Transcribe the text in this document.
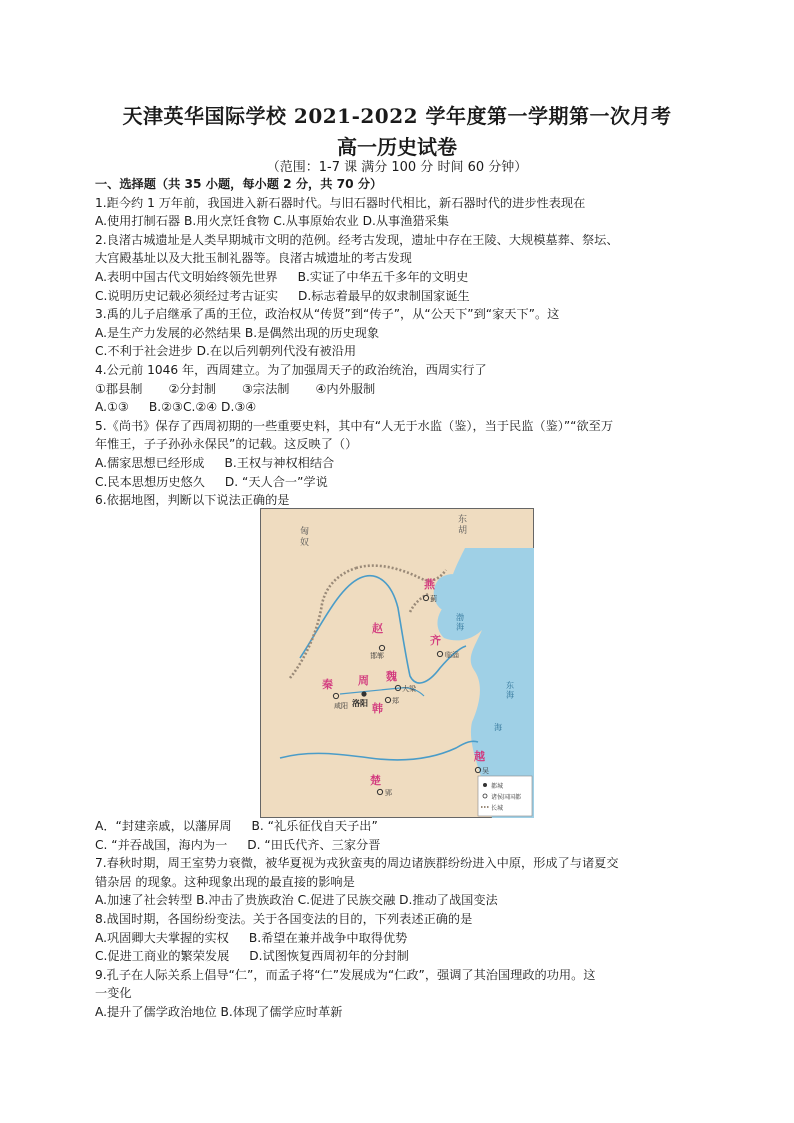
天津英华国际学校 2021-2022 学年度第一学期第一次月考
高一历史试卷
（范围：1-7 课 满分 100 分 时间 60 分钟）
一、选择题（共 35 小题，每小题 2 分，共 70 分）
1.距今约 1 万年前，我国进入新石器时代。与旧石器时代相比，新石器时代的进步性表现在
A.使用打制石器 B.用火烹饪食物 C.从事原始农业 D.从事渔猎采集
2.良渚古城遗址是人类早期城市文明的范例。经考古发现，遗址中存在王陵、大规模墓葬、祭坛、
大宫殿基址以及大批玉制礼器等。良渚古城遗址的考古发现
A.表明中国古代文明始终领先世界 B.实证了中华五千多年的文明史
C.说明历史记载必须经过考古证实 D.标志着最早的奴隶制国家诞生
3.禹的儿子启继承了禹的王位，政治权从“传贤”到“传子”，从“公天下”到“家天下”。这
A.是生产力发展的必然结果 B.是偶然出现的历史现象
C.不利于社会进步 D.在以后列朝列代没有被沿用
4.公元前 1046 年，西周建立。为了加强周天子的政治统治，西周实行了
①郡县制 ②分封制 ③宗法制 ④内外服制
A.①③ B.②③C.②④ D.③④
5.《尚书》保存了西周初期的一些重要史料，其中有“人无于水监（鉴），当于民监（鉴）”“欲至万
年惟王，子子孙孙永保民”的记载。这反映了（）
A.儒家思想已经形成 B.王权与神权相结合
C.民本思想历史悠久 D. “天人合一”学说
6.依据地图，判断以下说法正确的是
匈奴
东胡
燕
蓟
赵
邯郸
齐
临淄
秦
咸阳
周
洛阳
魏
大梁
韩
郑
楚
郢
越
吴
渤海
东海
海
都城
诸侯国国都
长城
A．“封建亲戚，以藩屏周 B. “礼乐征伐自天子出”
C. “并吞战国，海内为一 D. “田氏代齐、三家分晋
7.春秋时期，周王室势力衰微，被华夏视为戎狄蛮夷的周边诸族群纷纷进入中原，形成了与诸夏交
错杂居 的现象。这种现象出现的最直接的影响是
A.加速了社会转型 B.冲击了贵族政治 C.促进了民族交融 D.推动了战国变法
8.战国时期，各国纷纷变法。关于各国变法的目的，下列表述正确的是
A.巩固卿大夫掌握的实权 B.希望在兼并战争中取得优势
C.促进工商业的繁荣发展 D.试图恢复西周初年的分封制
9.孔子在人际关系上倡导“仁”，而孟子将“仁”发展成为“仁政”，强调了其治国理政的功用。这
一变化
A.提升了儒学政治地位 B.体现了儒学应时革新
